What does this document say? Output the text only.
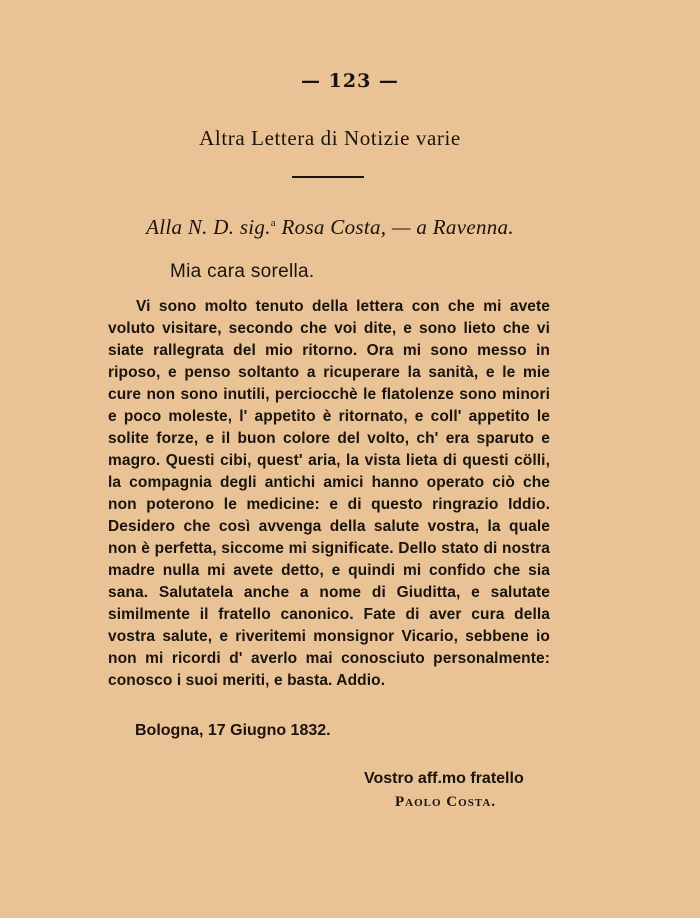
— 123 —
Altra Lettera di Notizie varie
Alla N. D. sig.$^a$ Rosa Costa, — a Ravenna.
Mia cara sorella.

Vi sono molto tenuto della lettera con che mi avete voluto visitare, secondo che voi dite, e sono lieto che vi siate rallegrata del mio ritorno. Ora mi sono messo in riposo, e penso soltanto a ricuperare la sanità, e le mie cure non sono inutili, perciocchè le flatolenze sono minori e poco moleste, l' appetito è ritornato, e coll' appetito le solite forze, e il buon colore del volto, ch' era sparuto e magro. Questi cibi, quest' aria, la vista lieta di questi cölli, la compagnia degli antichi amici hanno operato ciò che non poterono le medicine: e di questo ringrazio Iddio. Desidero che così avvenga della salute vostra, la quale non è perfetta, siccome mi significate. Dello stato di nostra madre nulla mi avete detto, e quindi mi confido che sia sana. Salutatela anche a nome di Giuditta, e salutate similmente il fratello canonico. Fate di aver cura della vostra salute, e riveritemi monsignor Vicario, sebbene io non mi ricordi d' averlo mai conosciuto personalmente: conosco i suoi meriti, e basta. Addio.

Bologna, 17 Giugno 1832.
Vostro aff.mo fratello
Paolo Costa.
